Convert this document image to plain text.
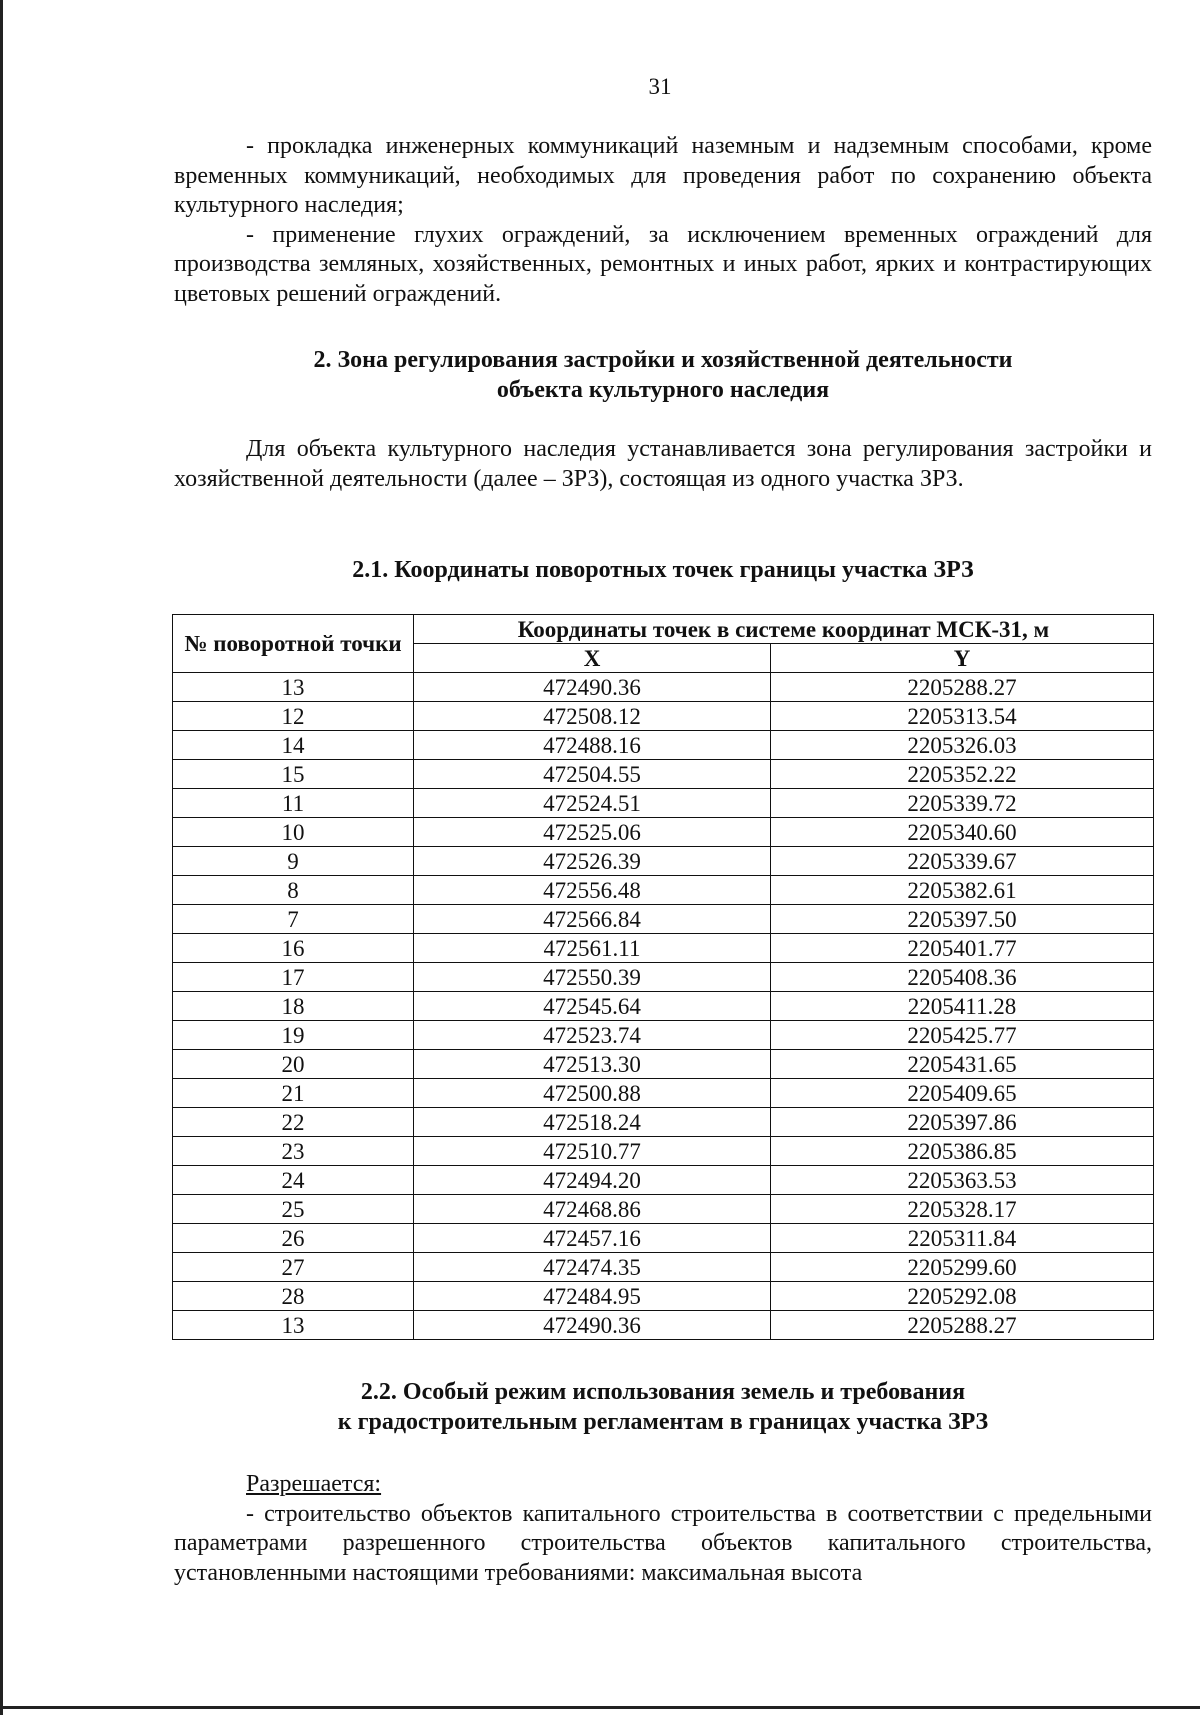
31

- прокладка инженерных коммуникаций наземным и надземным способами, кроме временных коммуникаций, необходимых для проведения работ по сохранению объекта культурного наследия;

- применение глухих ограждений, за исключением временных ограждений для производства земляных, хозяйственных, ремонтных и иных работ, ярких и контрастирующих цветовых решений ограждений.

2. Зона регулирования застройки и хозяйственной деятельности
объекта культурного наследия

Для объекта культурного наследия устанавливается зона регулирования застройки и хозяйственной деятельности (далее – ЗРЗ), состоящая из одного участка ЗРЗ.

2.1. Координаты поворотных точек границы участка ЗРЗ
№ поворотной точки	Координаты точек в системе координат МСК-31, м	
	X	Y
13	472490.36	2205288.27
12	472508.12	2205313.54
14	472488.16	2205326.03
15	472504.55	2205352.22
11	472524.51	2205339.72
10	472525.06	2205340.60
9	472526.39	2205339.67
8	472556.48	2205382.61
7	472566.84	2205397.50
16	472561.11	2205401.77
17	472550.39	2205408.36
18	472545.64	2205411.28
19	472523.74	2205425.77
20	472513.30	2205431.65
21	472500.88	2205409.65
22	472518.24	2205397.86
23	472510.77	2205386.85
24	472494.20	2205363.53
25	472468.86	2205328.17
26	472457.16	2205311.84
27	472474.35	2205299.60
28	472484.95	2205292.08
13	472490.36	2205288.27
2.2. Особый режим использования земель и требования
к градостроительным регламентам в границах участка ЗРЗ

Разрешается:

- строительство объектов капитального строительства в соответствии с предельными параметрами разрешенного строительства объектов капитального строительства, установленными настоящими требованиями: максимальная высота
